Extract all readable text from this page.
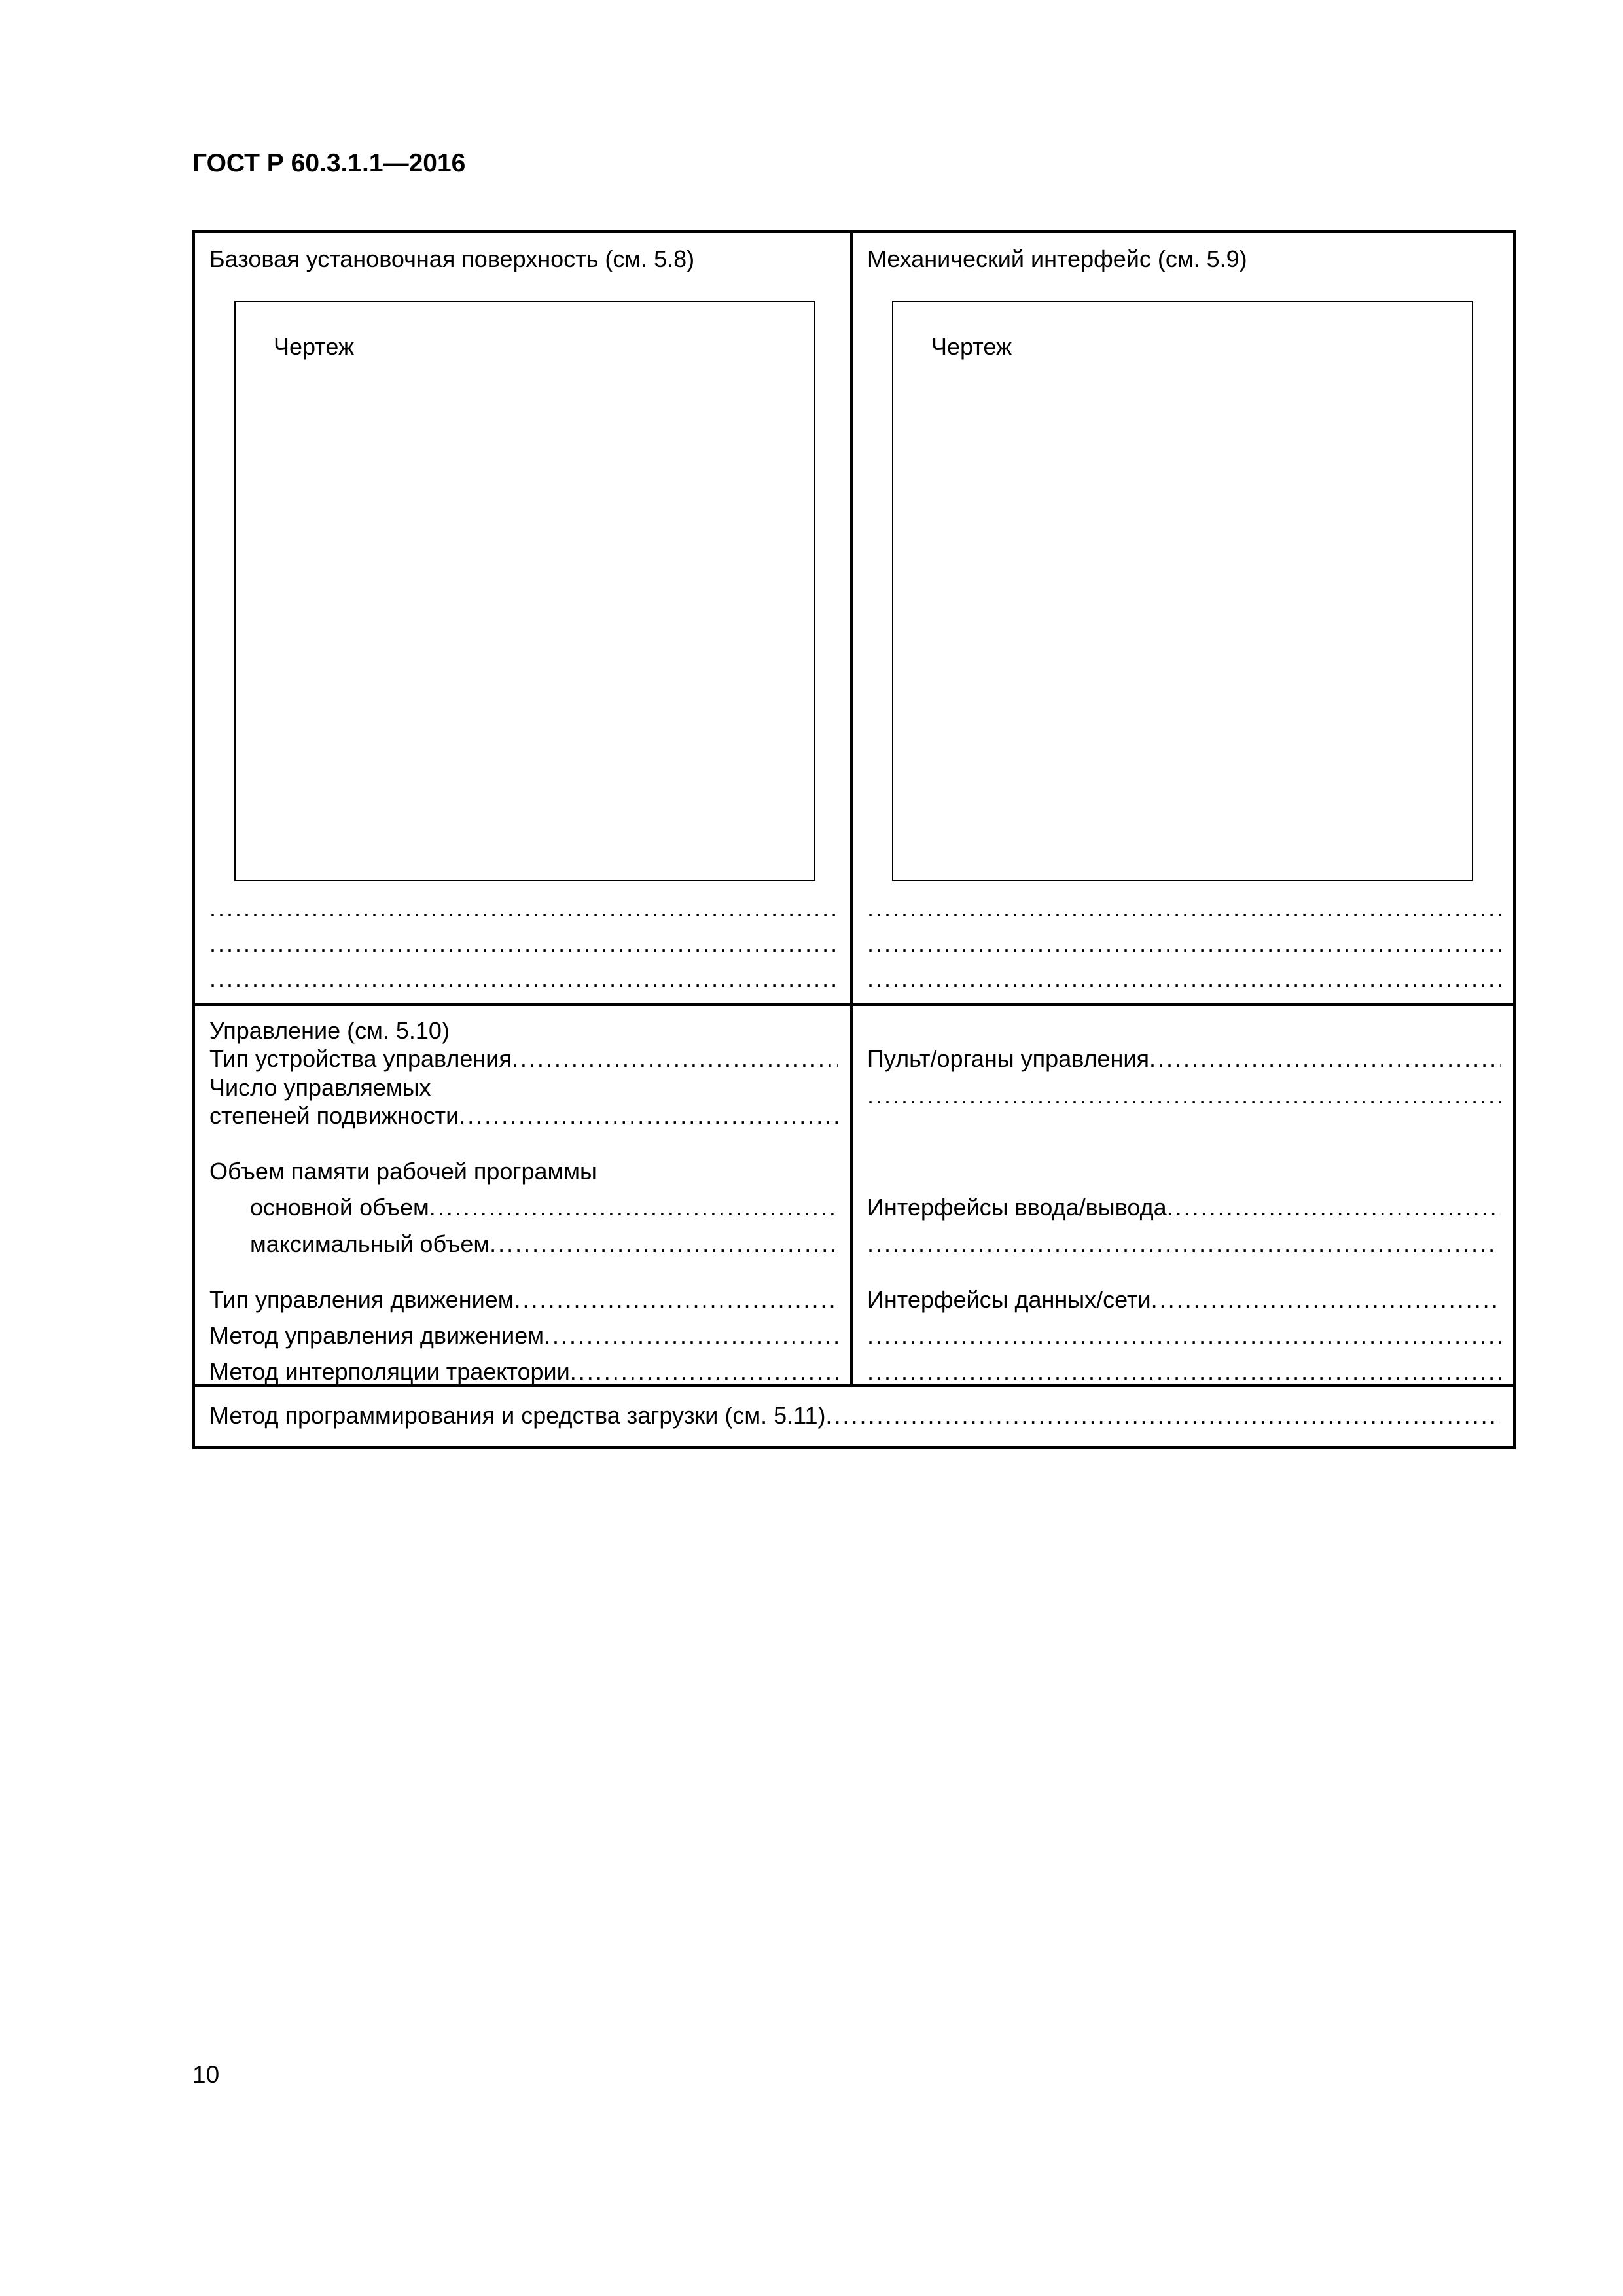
ГОСТ Р 60.3.1.1—2016
Базовая установочная поверхность (см. 5.8)
Чертеж
.....
.....
.....
Механический интерфейс (см. 5.9)
Чертеж
.....
.....
.....
Управление (см. 5.10)
Тип устройства управления
.....
Число управляемых
степеней подвижности
.....
Объем памяти рабочей программы
основной объем
.....
максимальный объем
.....
Тип управления движением
.....
Метод управления движением
.....
Метод интерполяции траектории
.....
Пульт/органы управления
.....
.....
Интерфейсы ввода/вывода
.....
.....
Интерфейсы данных/сети
.....
.....
.....
Метод программирования и средства загрузки (см. 5.11)
.....
10
